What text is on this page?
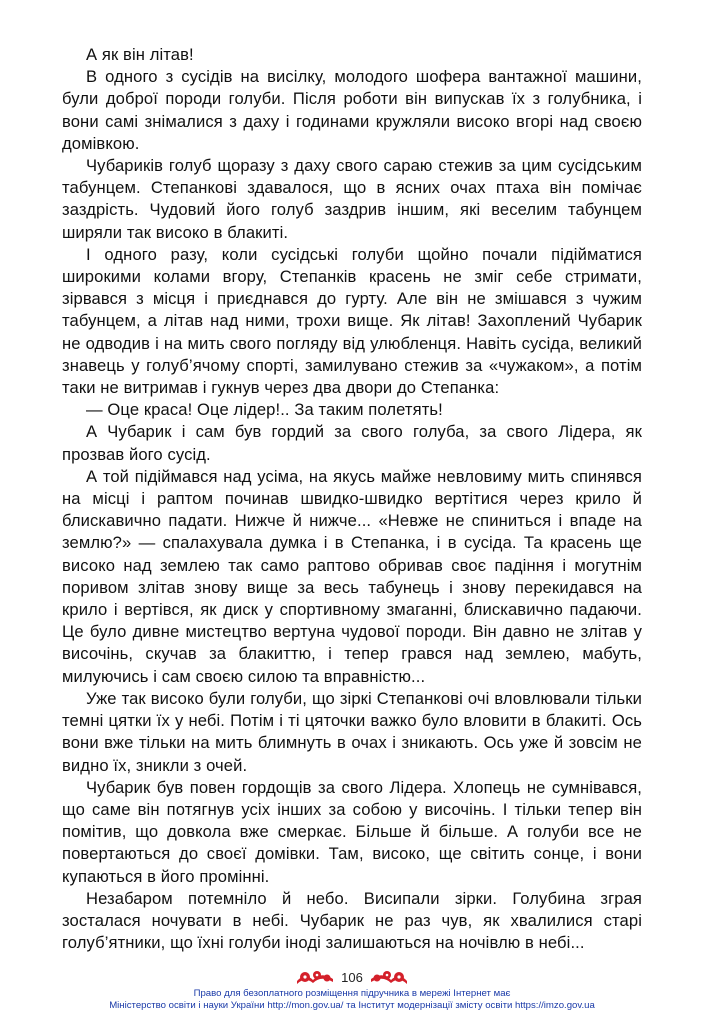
А як він літав!

В одного з сусідів на висілку, молодого шофера вантажної машини, були доброї породи голуби. Після роботи він випускав їх з голубника, і вони самі знімалися з даху і годинами кружляли високо вгорі над своєю домівкою.

Чубариків голуб щоразу з даху свого сараю стежив за цим сусідським табунцем. Степанкові здавалося, що в ясних очах птаха він помічає заздрість. Чудовий його голуб заздрив іншим, які веселим табунцем ширяли так високо в блакиті.

І одного разу, коли сусідські голуби щойно почали підійматися широкими колами вгору, Степанків красень не зміг себе стримати, зірвався з місця і приєднався до гурту. Але він не змішався з чужим табунцем, а літав над ними, трохи вище. Як літав! Захоплений Чубарик не одводив і на мить свого погляду від улюбленця. Навіть сусіда, великий знавець у голуб’ячому спорті, замилувано стежив за «чужаком», а потім таки не витримав і гукнув через два двори до Степанка:

— Оце краса! Оце лідер!.. За таким полетять!

А Чубарик і сам був гордий за свого голуба, за свого Лідера, як прозвав його сусід.

А той підіймався над усіма, на якусь майже невловиму мить спинявся на місці і раптом починав швидко-швидко вертітися через крило й блискавично падати. Нижче й нижче... «Невже не спиниться і впаде на землю?» — спалахувала думка і в Степанка, і в сусіда. Та красень ще високо над землею так само раптово обривав своє падіння і могутнім поривом злітав знову вище за весь табунець і знову перекидався на крило і вертівся, як диск у спортивному змаганні, блискавично падаючи. Це було дивне мистецтво вертуна чудової породи. Він давно не злітав у височінь, скучав за блакиттю, і тепер грався над землею, мабуть, милуючись і сам своєю силою та вправністю...

Уже так високо були голуби, що зіркі Степанкові очі вловлювали тільки темні цятки їх у небі. Потім і ті цяточки важко було вловити в блакиті. Ось вони вже тільки на мить блимнуть в очах і зникають. Ось уже й зовсім не видно їх, зникли з очей.

Чубарик був повен гордощів за свого Лідера. Хлопець не сумнівався, що саме він потягнув усіх інших за собою у височінь. І тільки тепер він помітив, що довкола вже смеркає. Більше й більше. А голуби все не повертаються до своєї домівки. Там, високо, ще світить сонце, і вони купаються в його промінні.

Незабаром потемніло й небо. Висипали зірки. Голубина зграя зосталася ночувати в небі. Чубарик не раз чув, як хвалилися старі голуб’ятники, що їхні голуби іноді залишаються на ночівлю в небі...

106
Право для безоплатного розміщення підручника в мережі Інтернет має
Міністерство освіти і науки України http://mon.gov.ua/ та Інститут модернізації змісту освіти https://imzo.gov.ua
